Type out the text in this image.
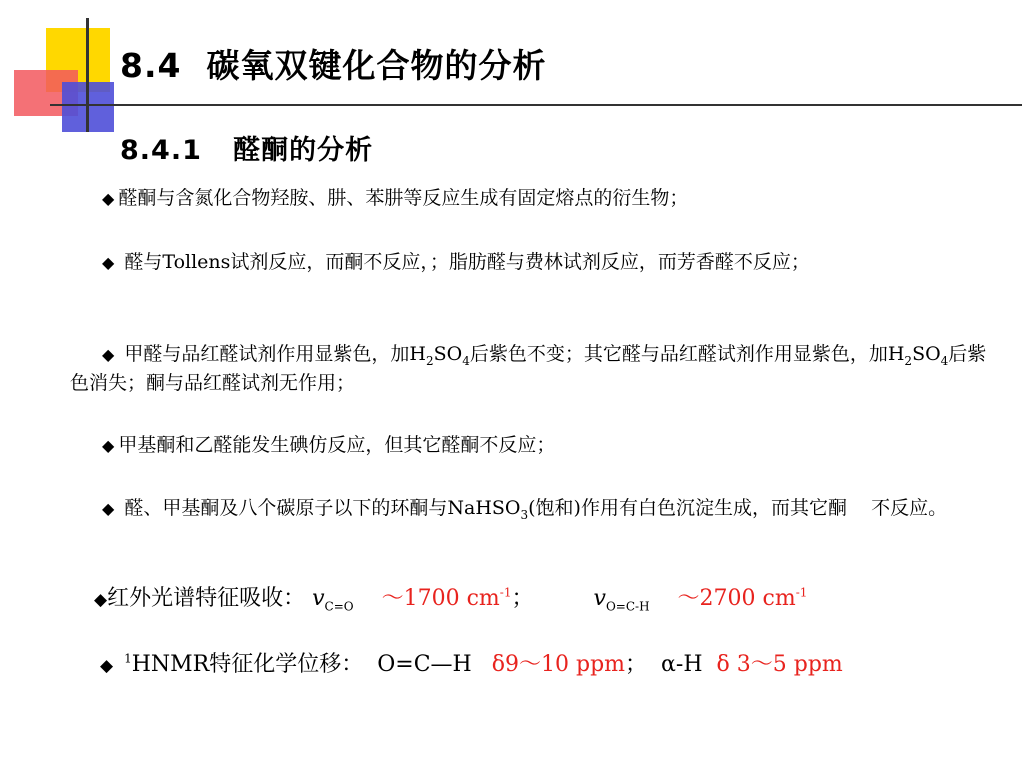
8.4 碳氧双键化合物的分析
8.4.1 醛酮的分析
◆ 醛酮与含氮化合物羟胺、肼、苯肼等反应生成有固定熔点的衍生物；
◆ 醛与Tollens试剂反应，而酮不反应，；脂肪醛与费林试剂反应，而芳香醛不反应；
◆ 甲醛与品红醛试剂作用显紫色，加$H_2SO_4$后紫色不变；其它醛与品红醛试剂作用显紫色，加$H_2SO_4$后紫色消失；酮与品红醛试剂无作用；
◆ 甲基酮和乙醛能发生碘仿反应，但其它醛酮不反应；
◆ 醛、甲基酮及八个碳原子以下的环酮与NaHSO$_3$(饱和)作用有白色沉淀生成，而其它酮 不反应。
◆红外光谱特征吸收： $v_{C=O}$ ～1700 $cm^{-1}$；	$v_{O=C-H}$ ～2700 $cm^{-1}$
◆ $^1$HNMR特征化学位移： O=C—H δ9～10 ppm； α-H δ 3～5 ppm
